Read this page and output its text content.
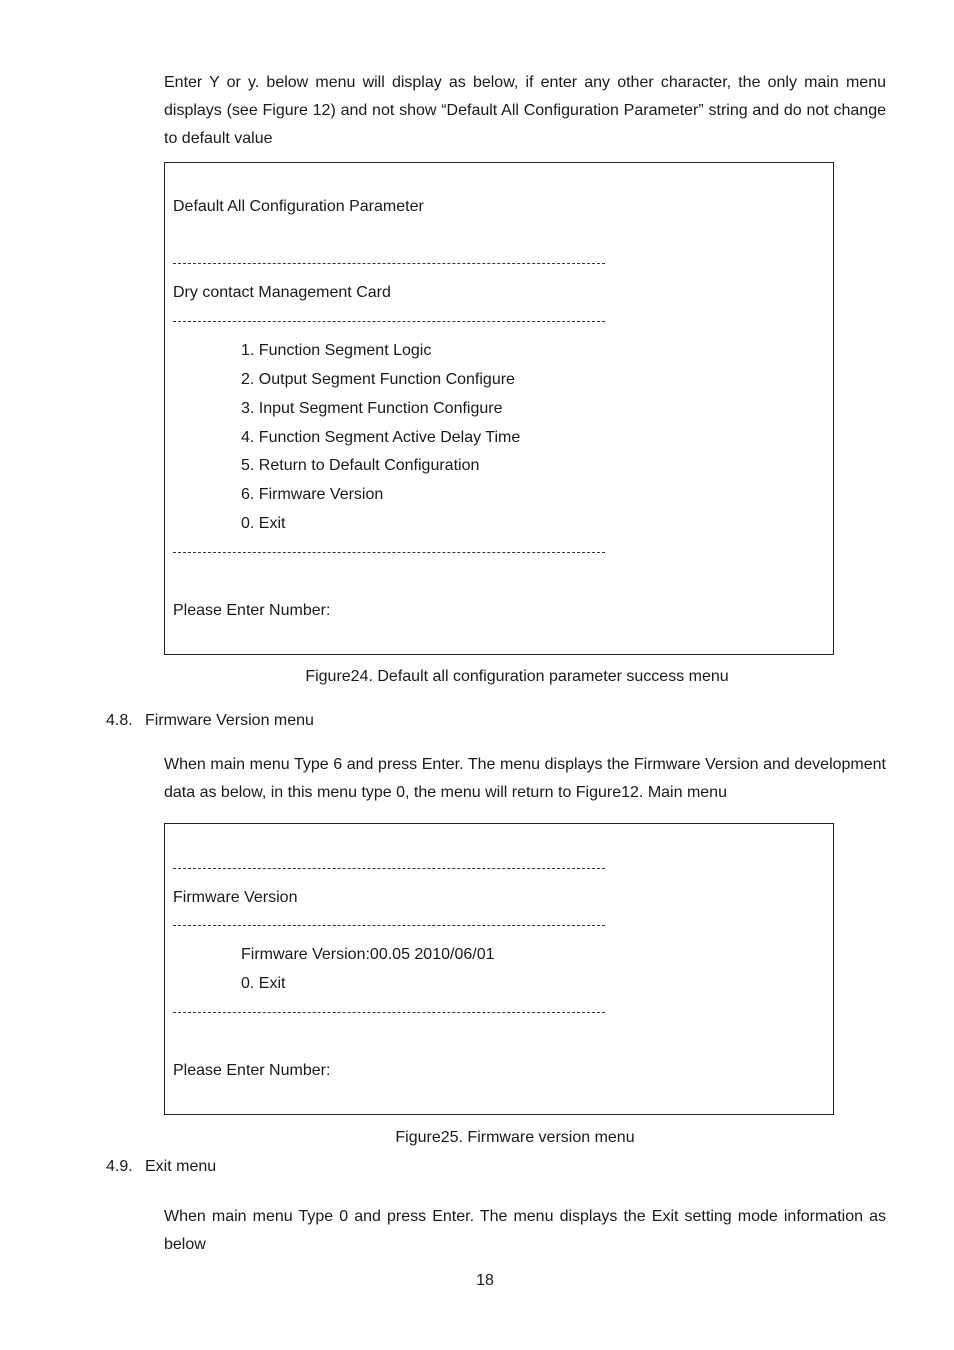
Enter Y or y. below menu will display as below, if enter any other character, the only main menu displays (see Figure 12) and not show “Default All Configuration Parameter” string and do not change to default value

Default All Configuration Parameter
Dry contact Management Card
1. Function Segment Logic
2. Output Segment Function Configure
3. Input Segment Function Configure
4. Function Segment Active Delay Time
5. Return to Default Configuration
6. Firmware Version
0. Exit
Please Enter Number:
Figure24. Default all configuration parameter success menu
4.8. Firmware Version menu

When main menu Type 6 and press Enter. The menu displays the Firmware Version and development data as below, in this menu type 0, the menu will return to Figure12. Main menu

Firmware Version
Firmware Version:00.05 2010/06/01
0. Exit
Please Enter Number:
Figure25. Firmware version menu
4.9. Exit menu

When main menu Type 0 and press Enter. The menu displays the Exit setting mode information as below

18
